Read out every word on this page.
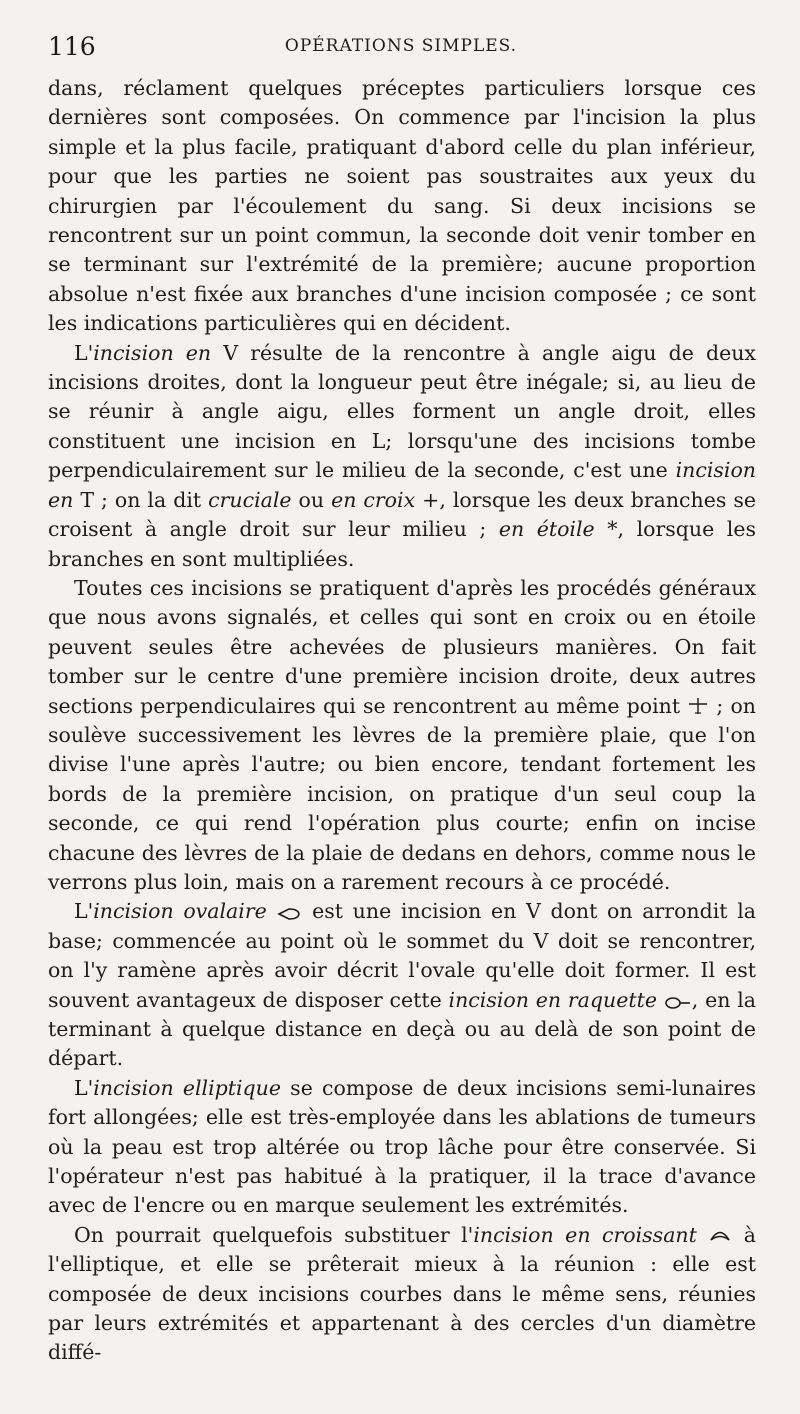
116	OPÉRATIONS SIMPLES.

dans, réclament quelques préceptes particuliers lorsque ces dernières sont composées. On commence par l'incision la plus simple et la plus facile, pratiquant d'abord celle du plan inférieur, pour que les parties ne soient pas soustraites aux yeux du chirurgien par l'écoulement du sang. Si deux incisions se rencontrent sur un point commun, la seconde doit venir tomber en se terminant sur l'extrémité de la première; aucune proportion absolue n'est fixée aux branches d'une incision composée ; ce sont les indications particulières qui en décident.

L'incision en V résulte de la rencontre à angle aigu de deux incisions droites, dont la longueur peut être inégale; si, au lieu de se réunir à angle aigu, elles forment un angle droit, elles constituent une incision en L; lorsqu'une des incisions tombe perpendiculairement sur le milieu de la seconde, c'est une incision en T ; on la dit cruciale ou en croix +, lorsque les deux branches se croisent à angle droit sur leur milieu ; en étoile *, lorsque les branches en sont multipliées.

Toutes ces incisions se pratiquent d'après les procédés généraux que nous avons signalés, et celles qui sont en croix ou en étoile peuvent seules être achevées de plusieurs manières. On fait tomber sur le centre d'une première incision droite, deux autres sections perpendiculaires qui se rencontrent au même point  ; on soulève successivement les lèvres de la première plaie, que l'on divise l'une après l'autre; ou bien encore, tendant fortement les bords de la première incision, on pratique d'un seul coup la seconde, ce qui rend l'opération plus courte; enfin on incise chacune des lèvres de la plaie de dedans en dehors, comme nous le verrons plus loin, mais on a rarement recours à ce procédé.

L'incision ovalaire  est une incision en V dont on arrondit la base; commencée au point où le sommet du V doit se rencontrer, on l'y ramène après avoir décrit l'ovale qu'elle doit former. Il est souvent avantageux de disposer cette incision en raquette , en la terminant à quelque distance en deçà ou au delà de son point de départ.

L'incision elliptique se compose de deux incisions semi-lunaires fort allongées; elle est très-employée dans les ablations de tumeurs où la peau est trop altérée ou trop lâche pour être conservée. Si l'opérateur n'est pas habitué à la pratiquer, il la trace d'avance avec de l'encre ou en marque seulement les extrémités.

On pourrait quelquefois substituer l'incision en croissant  à l'elliptique, et elle se prêterait mieux à la réunion : elle est composée de deux incisions courbes dans le même sens, réunies par leurs extrémités et appartenant à des cercles d'un diamètre diffé-
